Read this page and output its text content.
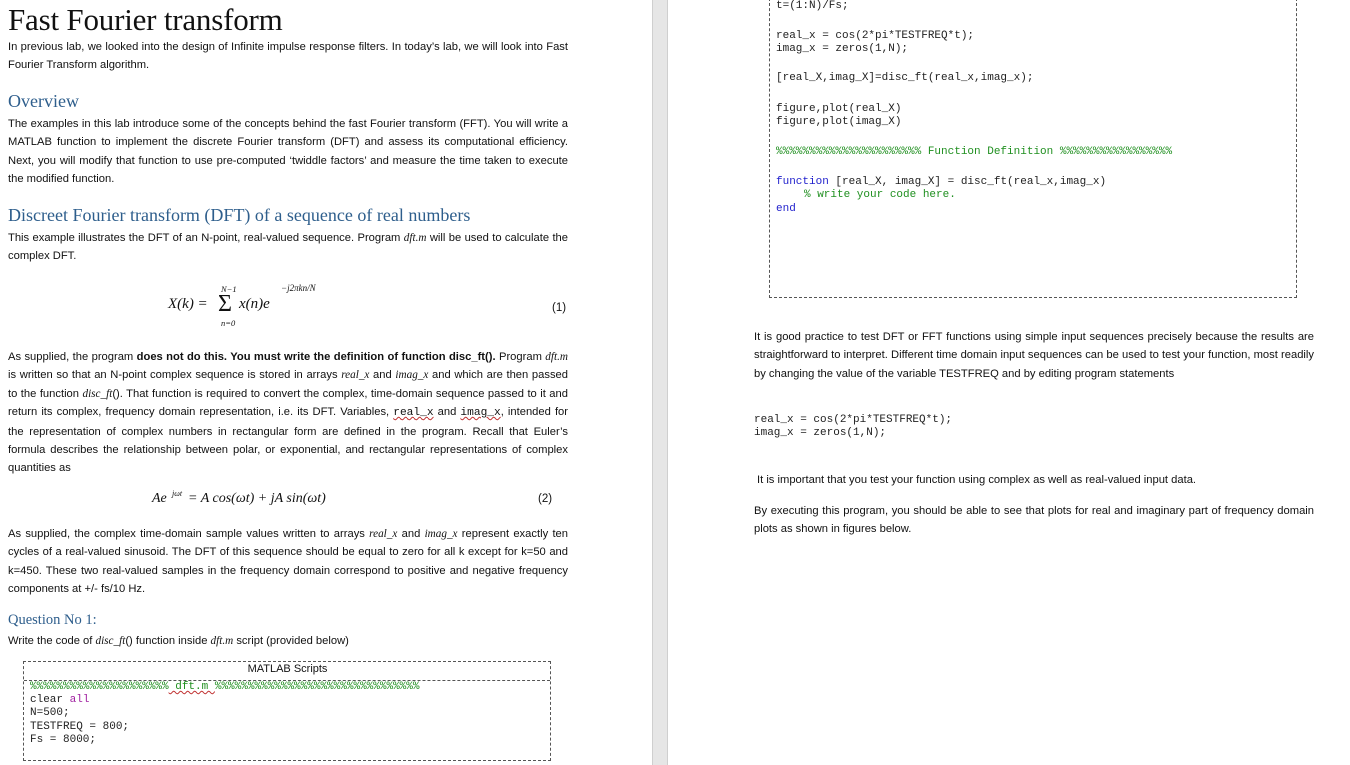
Fast Fourier transform
In previous lab, we looked into the design of Infinite impulse response filters. In today’s lab, we will look into Fast Fourier Transform algorithm.
Overview
The examples in this lab introduce some of the concepts behind the fast Fourier transform (FFT). You will write a MATLAB function to implement the discrete Fourier transform (DFT) and assess its computational efficiency. Next, you will modify that function to use pre-computed ‘twiddle factors’ and measure the time taken to execute the modified function.
Discreet Fourier transform (DFT) of a sequence of real numbers
This example illustrates the DFT of an N-point, real-valued sequence. Program dft.m will be used to calculate the complex DFT.
X(k) =
N−1
Σ
n=0
x(n)e
−j2πkn/N
(1)
As supplied, the program does not do this. You must write the definition of function disc_ft(). Program dft.m is written so that an N-point complex sequence is stored in arrays real_x and imag_x and which are then passed to the function disc_ft(). That function is required to convert the complex, time-domain sequence passed to it and return its complex, frequency domain representation, i.e. its DFT. Variables, real_x and imag_x, intended for the representation of complex numbers in rectangular form are defined in the program. Recall that Euler’s formula describes the relationship between polar, or exponential, and rectangular representations of complex quantities as
Ae jωt = A cos(ωt) + jA sin(ωt)	(2)
As supplied, the complex time-domain sample values written to arrays real_x and imag_x represent exactly ten cycles of a real-valued sinusoid. The DFT of this sequence should be equal to zero for all k except for k=50 and k=450. These two real-valued samples in the frequency domain correspond to positive and negative frequency components at +/- fs/10 Hz.
Question No 1:
Write the code of disc_ft() function inside dft.m script (provided below)
MATLAB Scripts
%%%%%%%%%%%%%%%%%%%%% dft.m %%%%%%%%%%%%%%%%%%%%%%%%%%%%%%%
clear all
N=500;
TESTFREQ = 800;
Fs = 8000;
t=(1:N)/Fs;
real_x = cos(2*pi*TESTFREQ*t);
imag_x = zeros(1,N);
[real_X,imag_X]=disc_ft(real_x,imag_x);
figure,plot(real_X)
figure,plot(imag_X)
%%%%%%%%%%%%%%%%%%%%%% Function Definition %%%%%%%%%%%%%%%%%
function [real_X, imag_X] = disc_ft(real_x,imag_x)
% write your code here.
end
It is good practice to test DFT or FFT functions using simple input sequences precisely because the results are straightforward to interpret. Different time domain input sequences can be used to test your function, most readily by changing the value of the variable TESTFREQ and by editing program statements
real_x = cos(2*pi*TESTFREQ*t);
imag_x = zeros(1,N);
It is important that you test your function using complex as well as real-valued input data.
By executing this program, you should be able to see that plots for real and imaginary part of frequency domain plots as shown in figures below.
